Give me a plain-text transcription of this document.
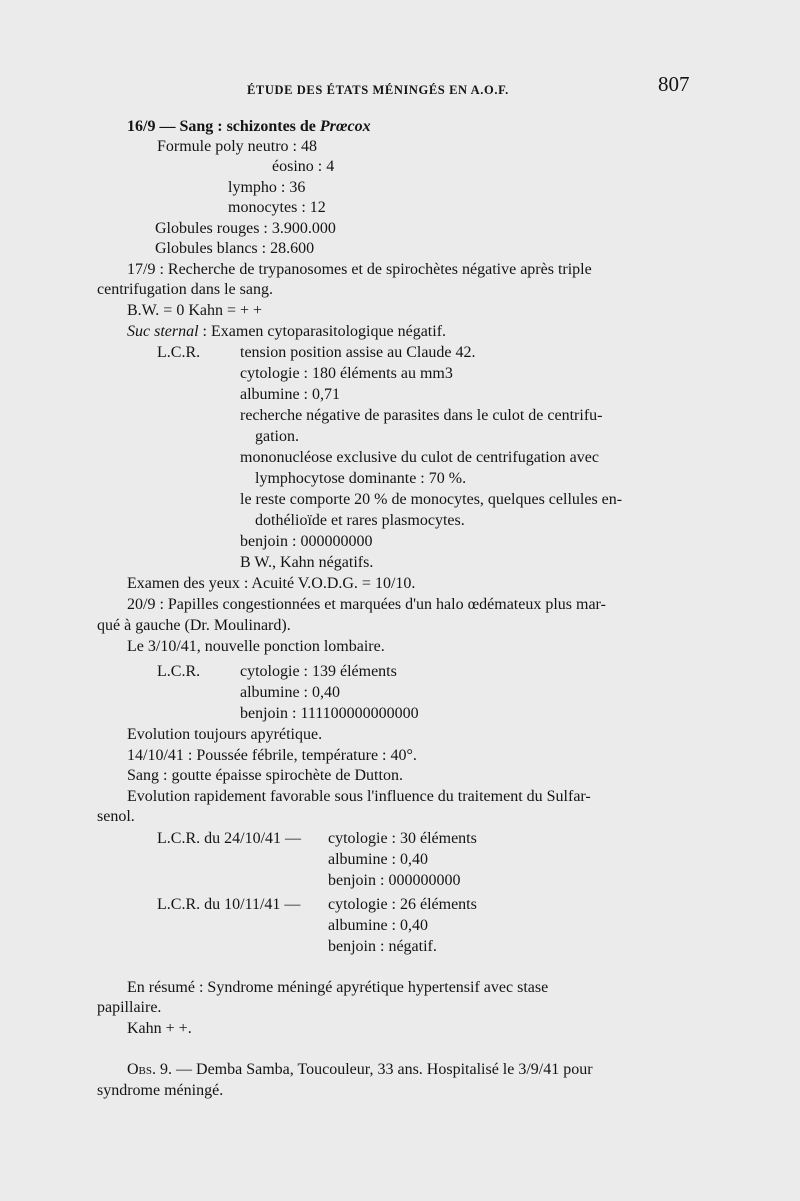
ÉTUDE DES ÉTATS MÉNINGÉS EN A.O.F.	807
16/9 — Sang : schizontes de Prœcox
Formule poly neutro : 48
éosino : 4
lympho : 36
monocytes : 12
Globules rouges : 3.900.000
Globules blancs : 28.600
17/9 : Recherche de trypanosomes et de spirochètes négative après triple
centrifugation dans le sang.
B.W. = 0 Kahn = + +
Suc sternal : Examen cytoparasitologique négatif.
L.C.R. tension position assise au Claude 42.
cytologie : 180 éléments au mm3
albumine : 0,71
recherche négative de parasites dans le culot de centrifu-
gation.
mononucléose exclusive du culot de centrifugation avec
lymphocytose dominante : 70 %.
le reste comporte 20 % de monocytes, quelques cellules en-
dothélioïde et rares plasmocytes.
benjoin : 000000000
B W., Kahn négatifs.
Examen des yeux : Acuité V.O.D.G. = 10/10.
20/9 : Papilles congestionnées et marquées d'un halo œdémateux plus mar-
qué à gauche (Dr. Moulinard).
Le 3/10/41, nouvelle ponction lombaire.
L.C.R. cytologie : 139 éléments
albumine : 0,40
benjoin : 111100000000000
Evolution toujours apyrétique.
14/10/41 : Poussée fébrile, température : 40°.
Sang : goutte épaisse spirochète de Dutton.
Evolution rapidement favorable sous l'influence du traitement du Sulfar-
senol.
L.C.R. du 24/10/41 — cytologie : 30 éléments
albumine : 0,40
benjoin : 000000000
L.C.R. du 10/11/41 — cytologie : 26 éléments
albumine : 0,40
benjoin : négatif.
En résumé : Syndrome méningé apyrétique hypertensif avec stase
papillaire.
Kahn + +.
Obs. 9. — Demba Samba, Toucouleur, 33 ans. Hospitalisé le 3/9/41 pour
syndrome méningé.
